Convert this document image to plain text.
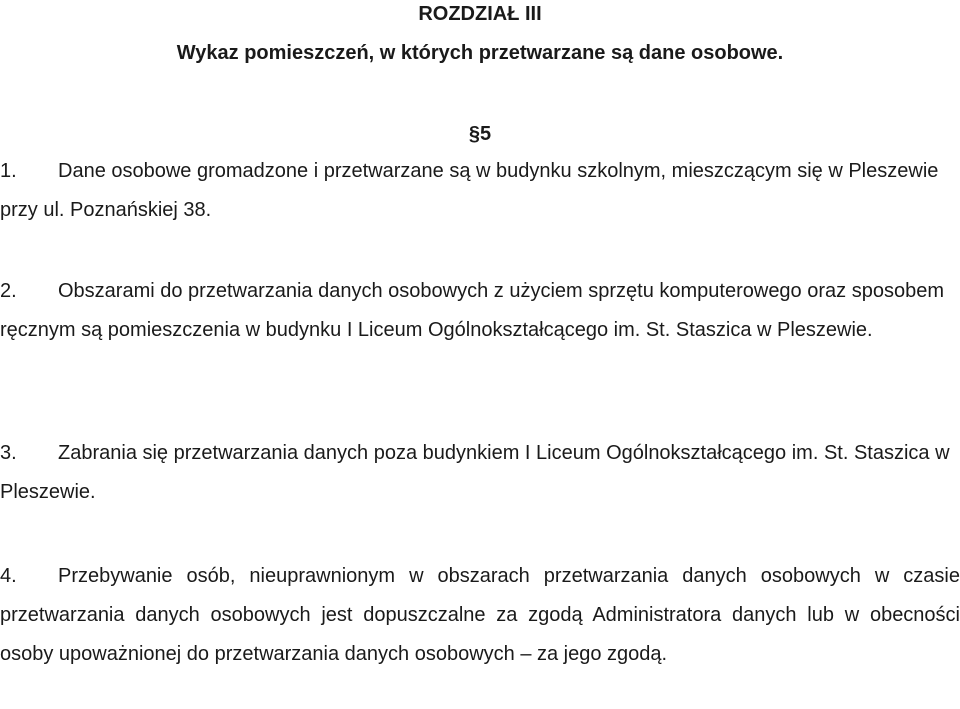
ROZDZIAŁ III
Wykaz pomieszczeń, w których przetwarzane są dane osobowe.
§5
1.	Dane osobowe gromadzone i przetwarzane są w budynku szkolnym, mieszczącym się w Pleszewie przy ul. Poznańskiej 38.

2.	Obszarami do przetwarzania danych osobowych z użyciem sprzętu komputerowego oraz sposobem ręcznym są pomieszczenia w budynku I Liceum Ogólnokształcącego im. St. Staszica w Pleszewie.

3.	Zabrania się przetwarzania danych poza budynkiem I Liceum Ogólnokształcącego im. St. Staszica w Pleszewie.

4.	Przebywanie osób, nieuprawnionym w obszarach przetwarzania danych osobowych w czasie przetwarzania danych osobowych jest dopuszczalne za zgodą Administratora danych lub w obecności osoby upoważnionej do przetwarzania danych osobowych – za jego zgodą.
